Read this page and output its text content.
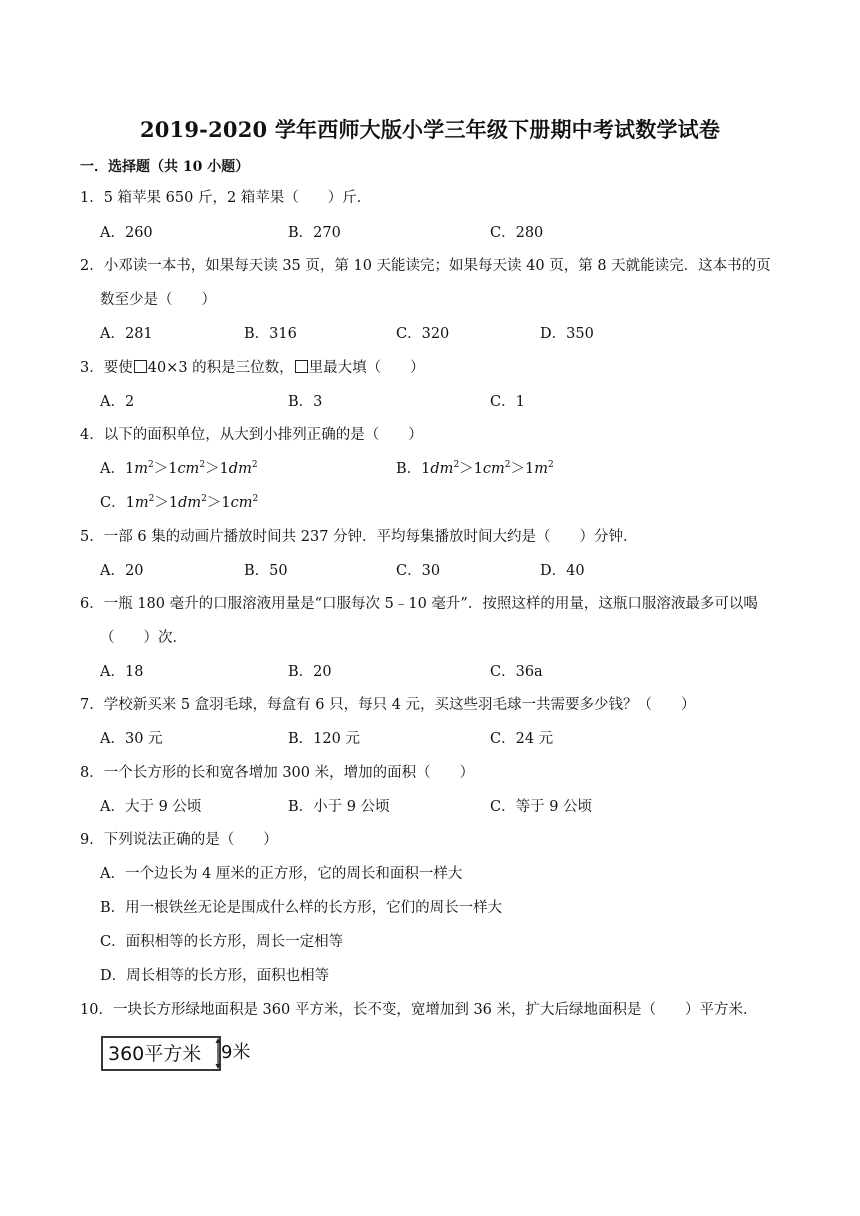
2019-2020 学年西师大版小学三年级下册期中考试数学试卷
一．选择题（共 10 小题）
1．5 箱苹果 650 斤，2 箱苹果（　　）斤．
A．260	B．270	C．280
2．小邓读一本书，如果每天读 35 页，第 10 天能读完；如果每天读 40 页，第 8 天就能读完．这本书的页
数至少是（　　）
A．281	B．316	C．320	D．350
3．要使 40×3 的积是三位数， 里最大填（　　）
A．2	B．3	C．1
4．以下的面积单位，从大到小排列正确的是（　　）
A．$1m^2>1cm^2>1dm^2$	B．$1dm^2>1cm^2>1m^2$
C．$1m^2>1dm^2>1cm^2$
5．一部 6 集的动画片播放时间共 237 分钟．平均每集播放时间大约是（　　）分钟．
A．20	B．50	C．30	D．40
6．一瓶 180 毫升的口服溶液用量是“口服每次 5﹣10 毫升”．按照这样的用量，这瓶口服溶液最多可以喝
（　　）次．
A．18	B．20	C．36a
7．学校新买来 5 盒羽毛球，每盒有 6 只，每只 4 元，买这些羽毛球一共需要多少钱？（　　）
A．30 元	B．120 元	C．24 元
8．一个长方形的长和宽各增加 300 米，增加的面积（　　）
A．大于 9 公顷	B．小于 9 公顷	C．等于 9 公顷
9．下列说法正确的是（　　）
A．一个边长为 4 厘米的正方形，它的周长和面积一样大
B．用一根铁丝无论是围成什么样的长方形，它们的周长一样大
C．面积相等的长方形，周长一定相等
D．周长相等的长方形，面积也相等
10．一块长方形绿地面积是 360 平方米，长不变，宽增加到 36 米，扩大后绿地面积是（　　）平方米．
360平方米 9米
